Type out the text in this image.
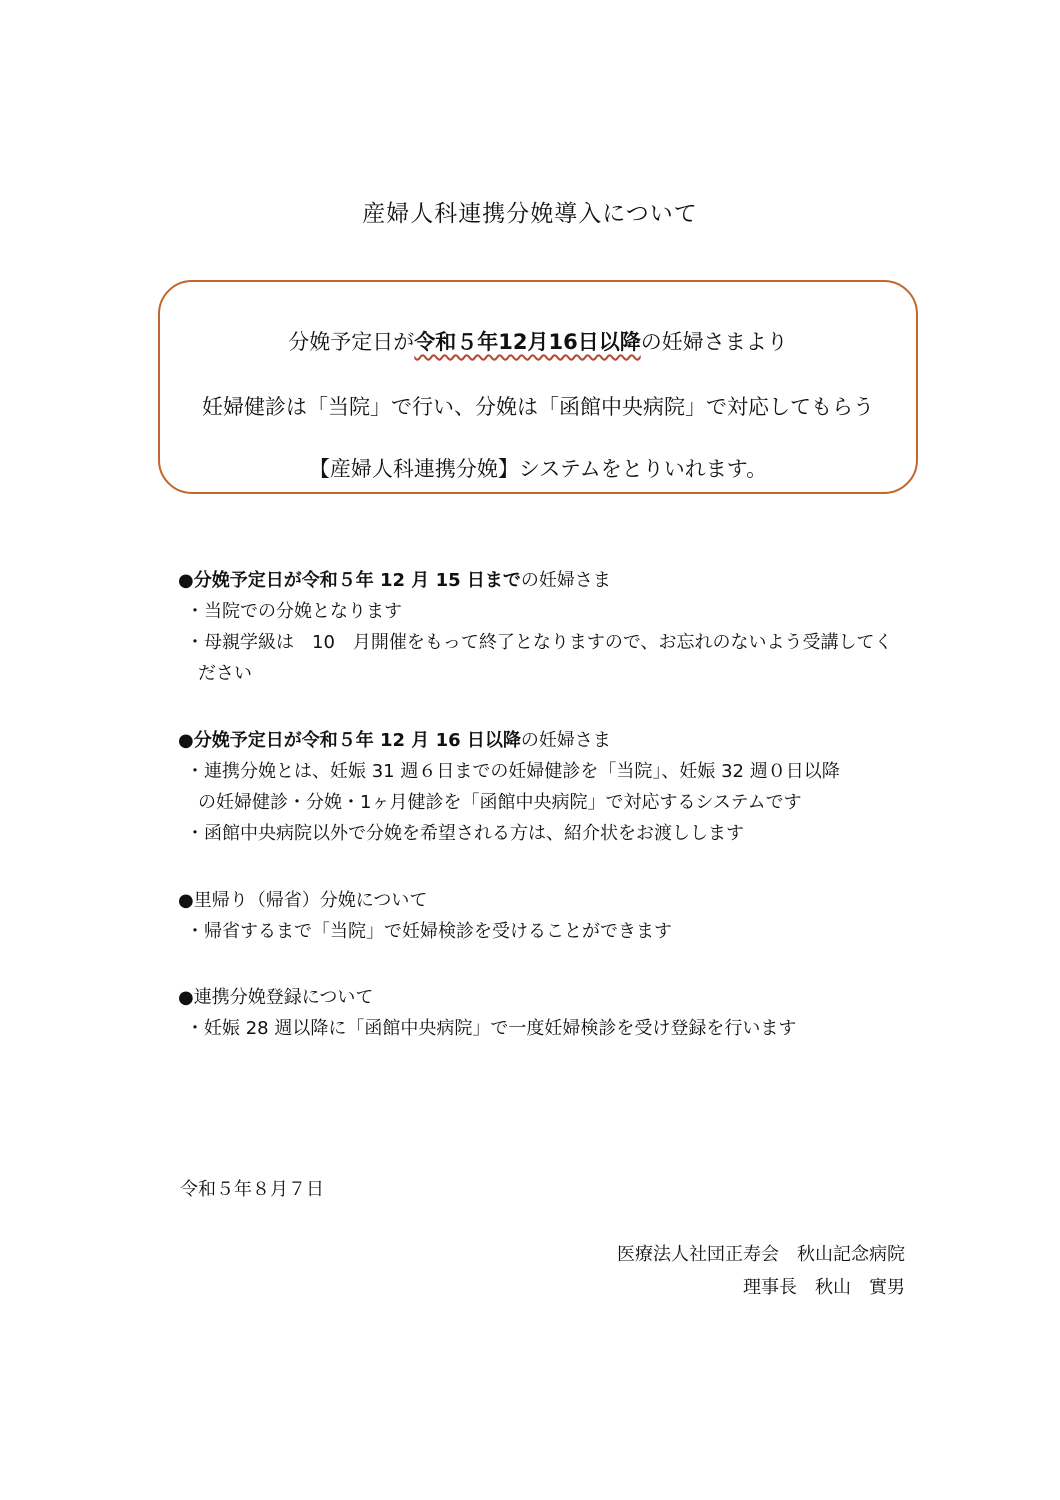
産婦人科連携分娩導入について
分娩予定日が令和５年12月16日以降の妊婦さまより
妊婦健診は「当院」で行い、分娩は「函館中央病院」で対応してもらう
【産婦人科連携分娩】システムをとりいれます。
●分娩予定日が令和５年 12 月 15 日までの妊婦さま
・当院での分娩となります
・母親学級は　10　月開催をもって終了となりますので、お忘れのないよう受講してく
ださい
●分娩予定日が令和５年 12 月 16 日以降の妊婦さま
・連携分娩とは、妊娠 31 週６日までの妊婦健診を「当院」、妊娠 32 週０日以降
の妊婦健診・分娩・1ヶ月健診を「函館中央病院」で対応するシステムです
・函館中央病院以外で分娩を希望される方は、紹介状をお渡しします
●里帰り（帰省）分娩について
・帰省するまで「当院」で妊婦検診を受けることができます
●連携分娩登録について
・妊娠 28 週以降に「函館中央病院」で一度妊婦検診を受け登録を行います
令和５年８月７日
医療法人社団正寿会　秋山記念病院
理事長　秋山　實男
